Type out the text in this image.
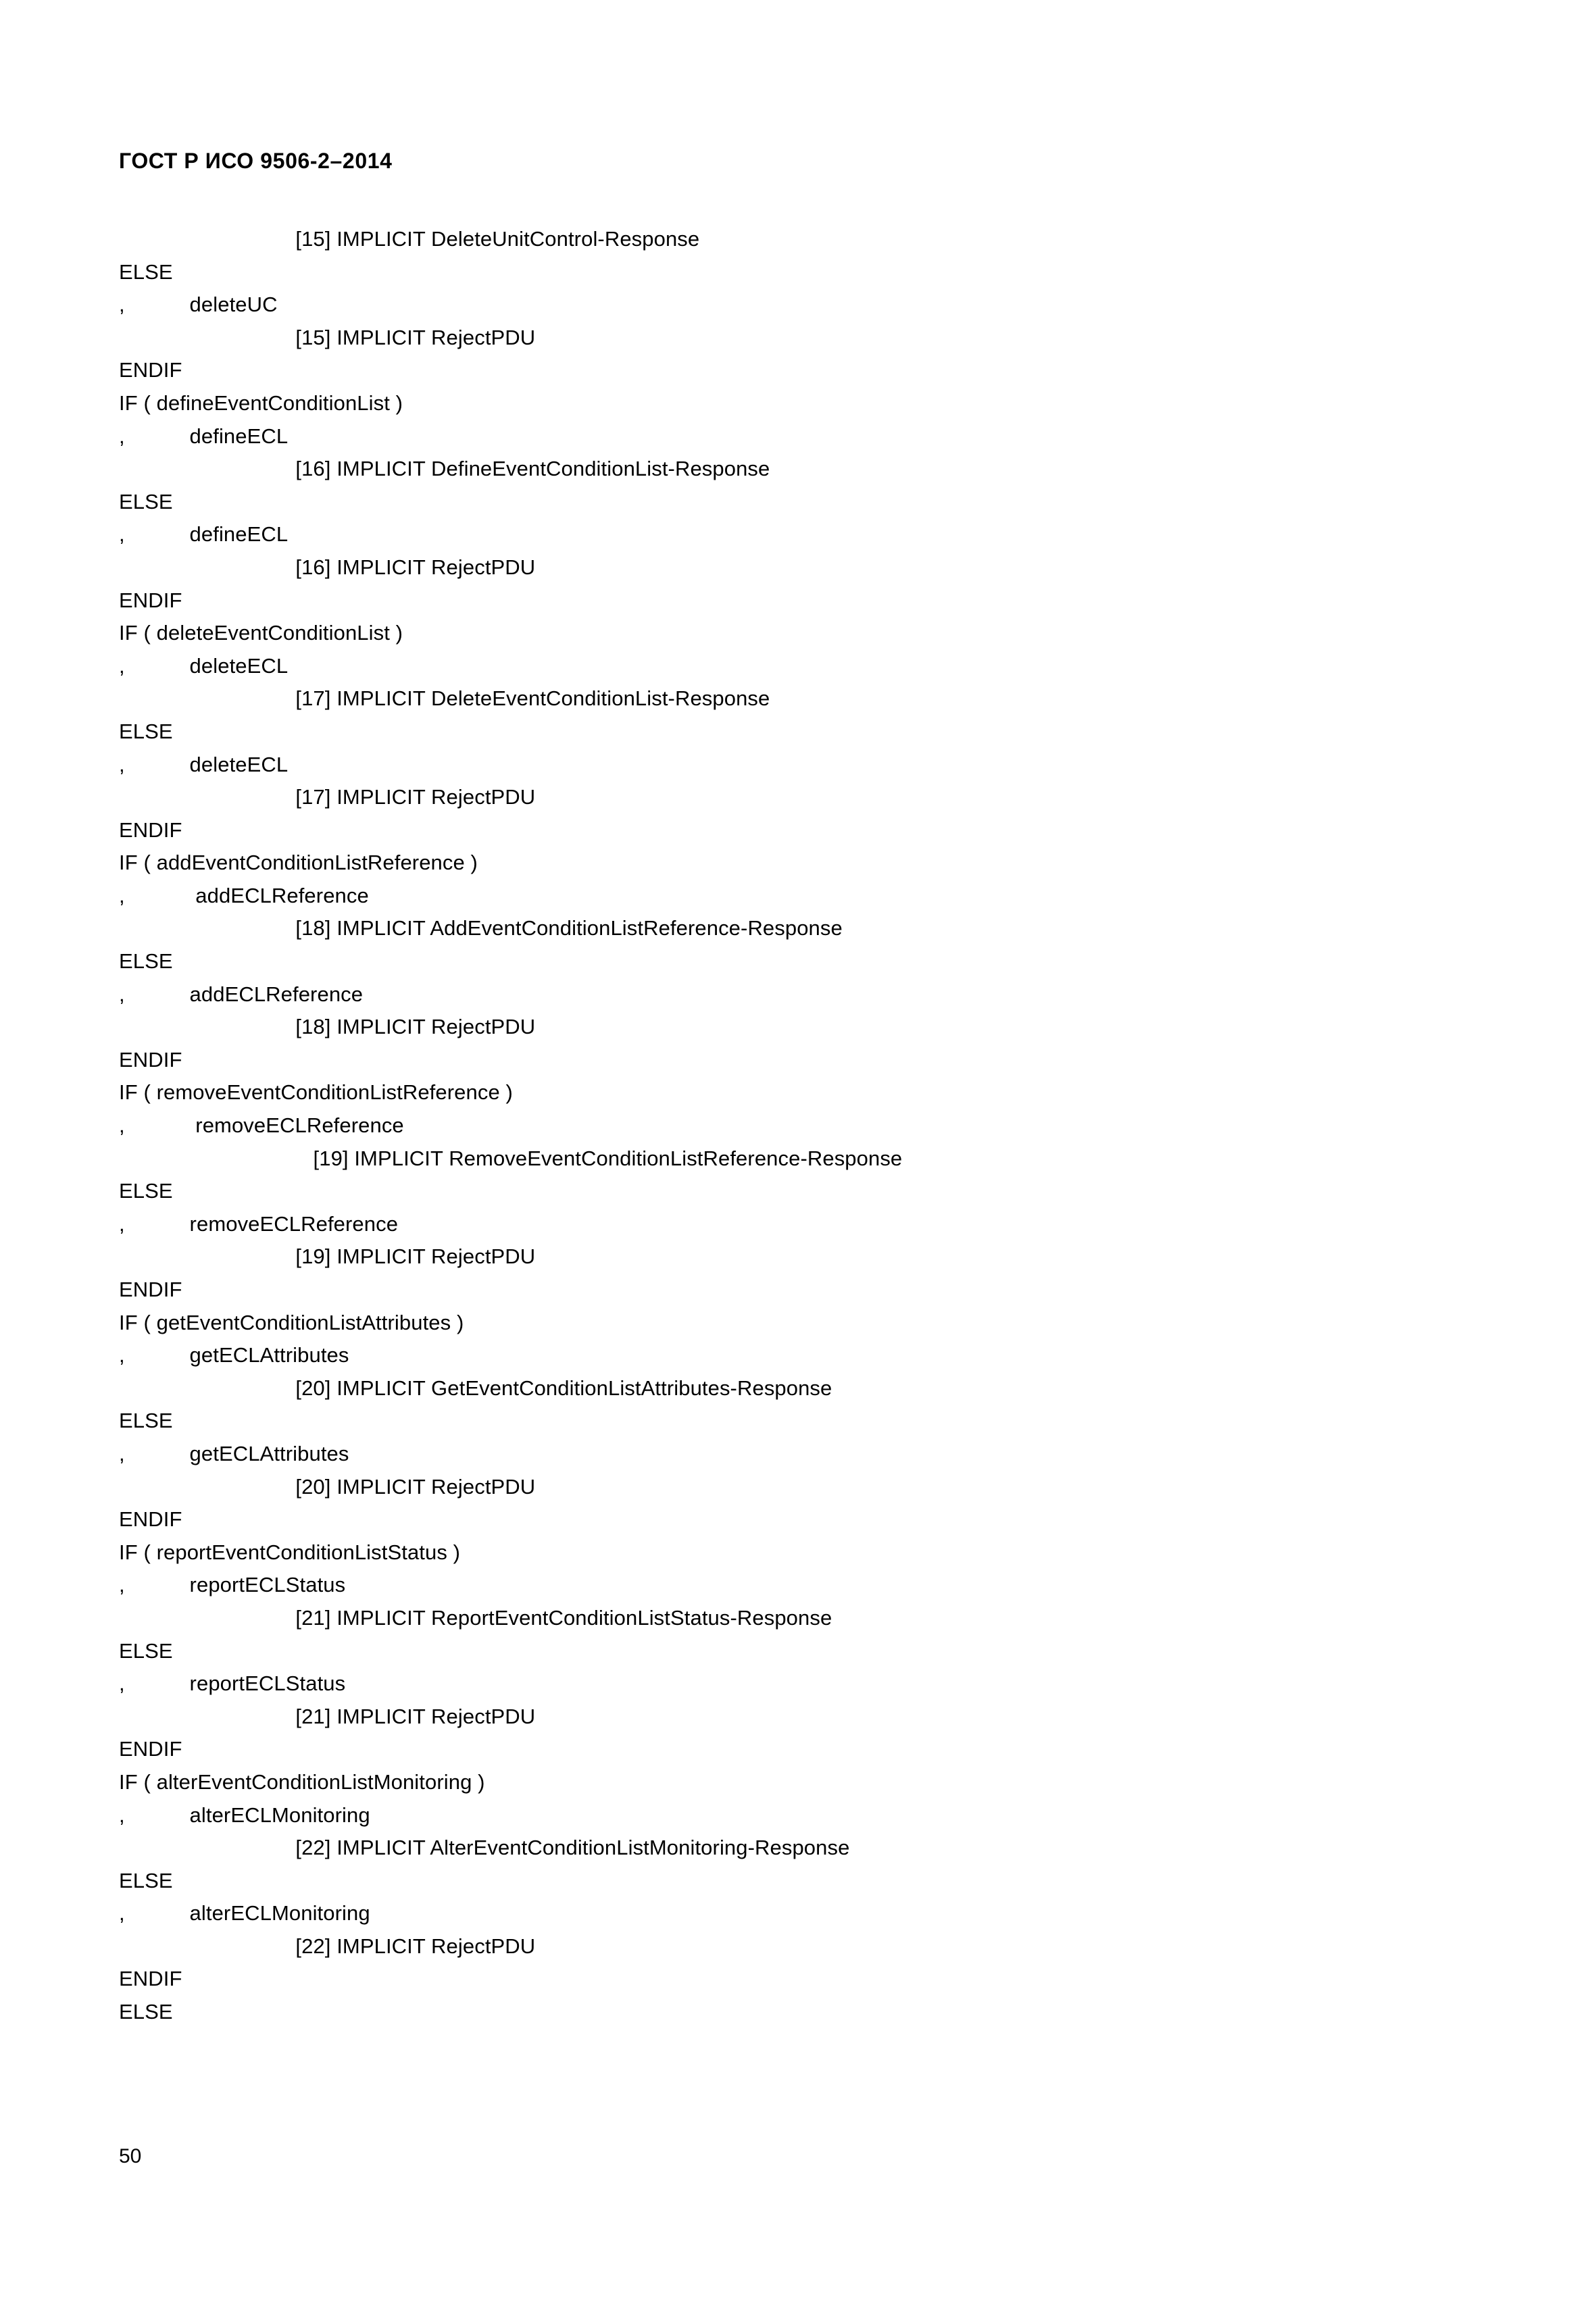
ГОСТ Р ИСО 9506-2–2014
[15] IMPLICIT DeleteUnitControl-Response
ELSE
,           deleteUC
[15] IMPLICIT RejectPDU
ENDIF
IF ( defineEventConditionList )
,           defineECL
[16] IMPLICIT DefineEventConditionList-Response
ELSE
,           defineECL
[16] IMPLICIT RejectPDU
ENDIF
IF ( deleteEventConditionList )
,           deleteECL
[17] IMPLICIT DeleteEventConditionList-Response
ELSE
,           deleteECL
[17] IMPLICIT RejectPDU
ENDIF
IF ( addEventConditionListReference )
,            addECLReference
[18] IMPLICIT AddEventConditionListReference-Response
ELSE
,           addECLReference
[18] IMPLICIT RejectPDU
ENDIF
IF ( removeEventConditionListReference )
,            removeECLReference
[19] IMPLICIT RemoveEventConditionListReference-Response
ELSE
,           removeECLReference
[19] IMPLICIT RejectPDU
ENDIF
IF ( getEventConditionListAttributes )
,           getECLAttributes
[20] IMPLICIT GetEventConditionListAttributes-Response
ELSE
,           getECLAttributes
[20] IMPLICIT RejectPDU
ENDIF
IF ( reportEventConditionListStatus )
,           reportECLStatus
[21] IMPLICIT ReportEventConditionListStatus-Response
ELSE
,           reportECLStatus
[21] IMPLICIT RejectPDU
ENDIF
IF ( alterEventConditionListMonitoring )
,           alterECLMonitoring
[22] IMPLICIT AlterEventConditionListMonitoring-Response
ELSE
,           alterECLMonitoring
[22] IMPLICIT RejectPDU
ENDIF
ELSE
50
